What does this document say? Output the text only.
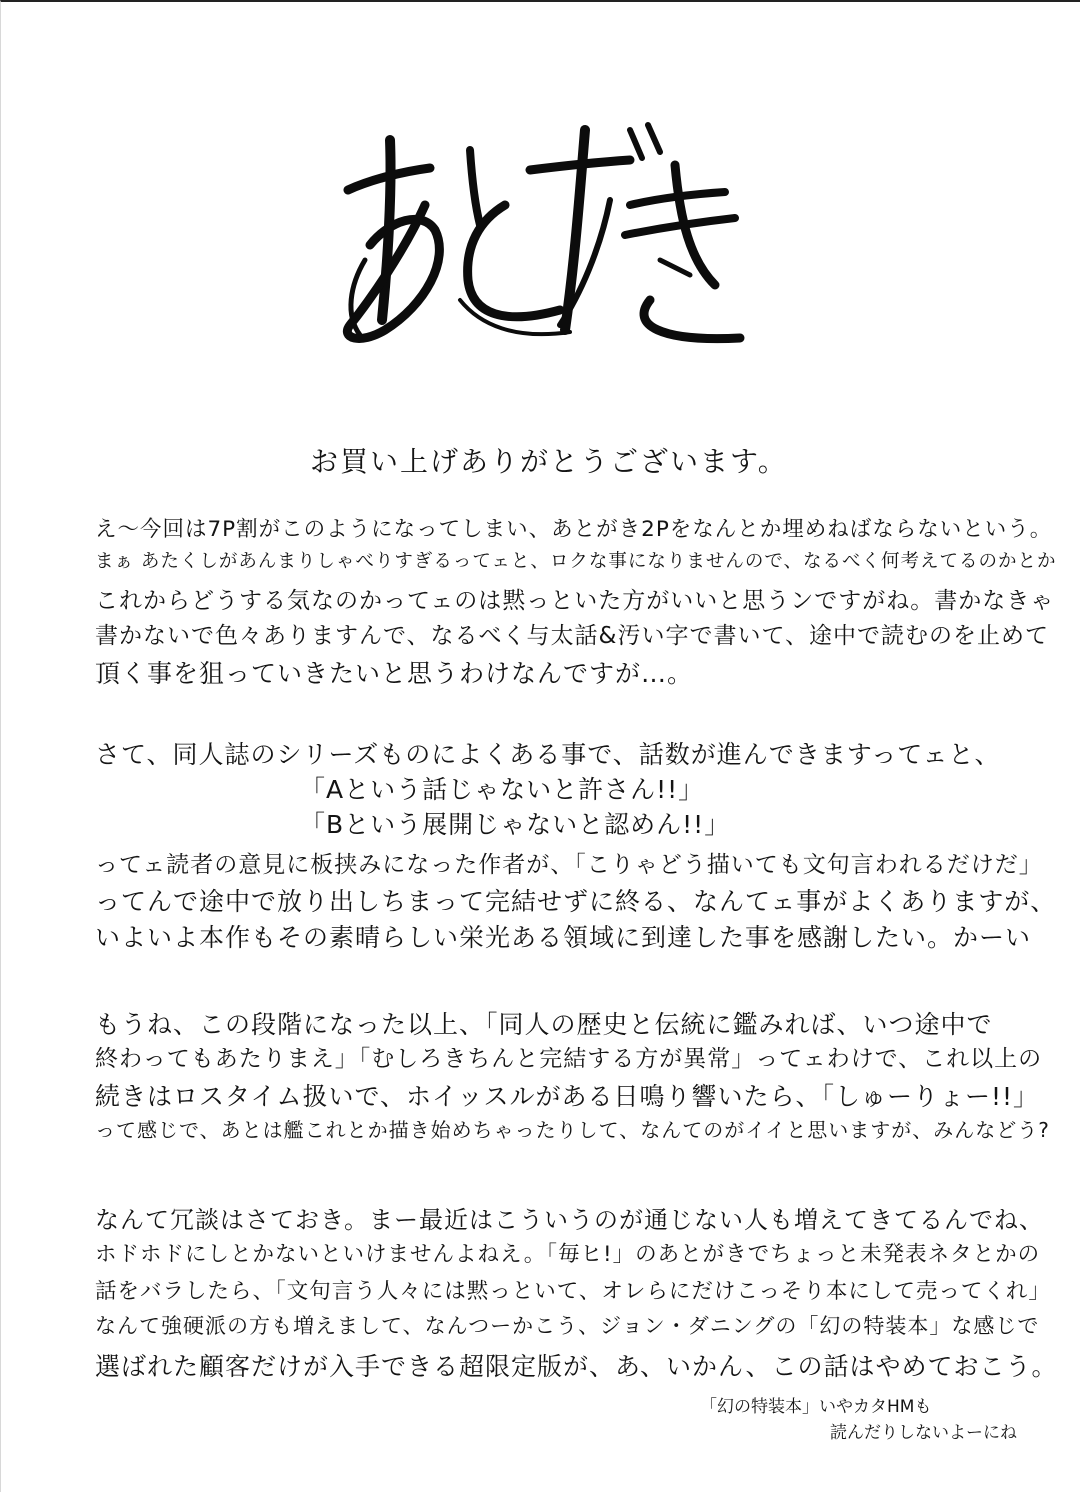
お買い上げありがとうございます。

え〜今回は7P割がこのようになってしまい、あとがき2Pをなんとか埋めねばならないという。
まぁ あたくしがあんまりしゃべりすぎるってェと、ロクな事になりませんので、なるべく何考えてるのかとか
これからどうする気なのかってェのは黙っといた方がいいと思うンですがね。書かなきゃ
書かないで色々ありますんで、なるべく与太話&汚い字で書いて、途中で読むのを止めて
頂く事を狙っていきたいと思うわけなんですが…。
さて、同人誌のシリーズものによくある事で、話数が進んできますってェと、
「Aという話じゃないと許さん!!」
「Bという展開じゃないと認めん!!」
ってェ読者の意見に板挟みになった作者が、「こりゃどう描いても文句言われるだけだ」
ってんで途中で放り出しちまって完結せずに終る、なんてェ事がよくありますが、
いよいよ本作もその素晴らしい栄光ある領域に到達した事を感謝したい。かーい
もうね、この段階になった以上、「同人の歴史と伝統に鑑みれば、いつ途中で
終わってもあたりまえ」「むしろきちんと完結する方が異常」ってェわけで、これ以上の
続きはロスタイム扱いで、ホイッスルがある日鳴り響いたら、「しゅーりょー!!」
って感じで、あとは艦これとか描き始めちゃったりして、なんてのがイイと思いますが、みんなどう?
なんて冗談はさておき。まー最近はこういうのが通じない人も増えてきてるんでね、
ホドホドにしとかないといけませんよねえ。「毎ヒ!」のあとがきでちょっと未発表ネタとかの
話をバラしたら、「文句言う人々には黙っといて、オレらにだけこっそり本にして売ってくれ」
なんて強硬派の方も増えまして、なんつーかこう、ジョン・ダニングの「幻の特装本」な感じで
選ばれた顧客だけが入手できる超限定版が、あ、いかん、この話はやめておこう。
「幻の特装本」いやカタHMも
読んだりしないよーにね
